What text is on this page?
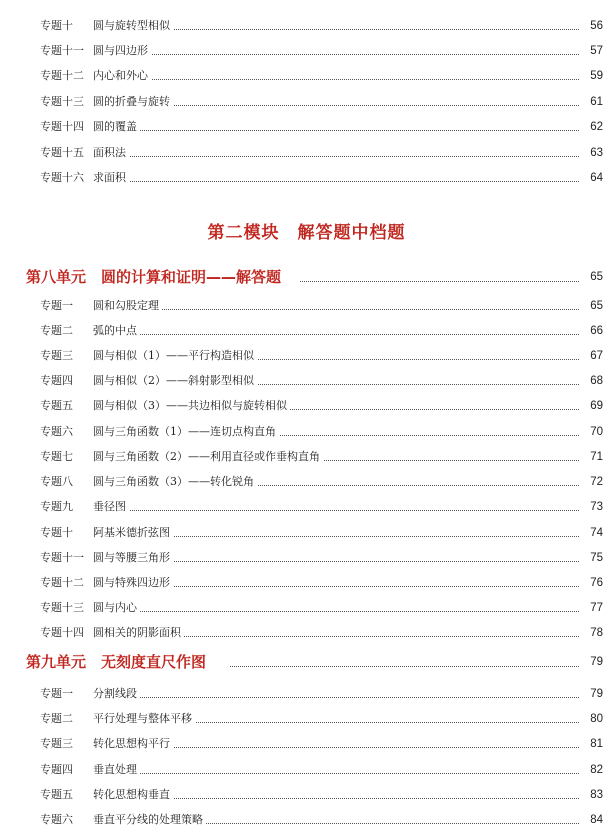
专题十 圆与旋转型相似	56
专题十一 圆与四边形	57
专题十二 内心和外心	59
专题十三 圆的折叠与旋转	61
专题十四 圆的覆盖	62
专题十五 面积法	63
专题十六 求面积	64
第二模块　解答题中档题
第八单元　圆的计算和证明——解答题	65
专题一 圆和勾股定理	65
专题二 弧的中点	66
专题三 圆与相似（1）——平行构造相似	67
专题四 圆与相似（2）——斜射影型相似	68
专题五 圆与相似（3）——共边相似与旋转相似	69
专题六 圆与三角函数（1）——连切点构直角	70
专题七 圆与三角函数（2）——利用直径或作垂构直角	71
专题八 圆与三角函数（3）——转化锐角	72
专题九 垂径图	73
专题十 阿基米德折弦图	74
专题十一 圆与等腰三角形	75
专题十二 圆与特殊四边形	76
专题十三 圆与内心	77
专题十四 圆相关的阴影面积	78
第九单元　无刻度直尺作图	79
专题一 分割线段	79
专题二 平行处理与整体平移	80
专题三 转化思想构平行	81
专题四 垂直处理	82
专题五 转化思想构垂直	83
专题六 垂直平分线的处理策略	84
